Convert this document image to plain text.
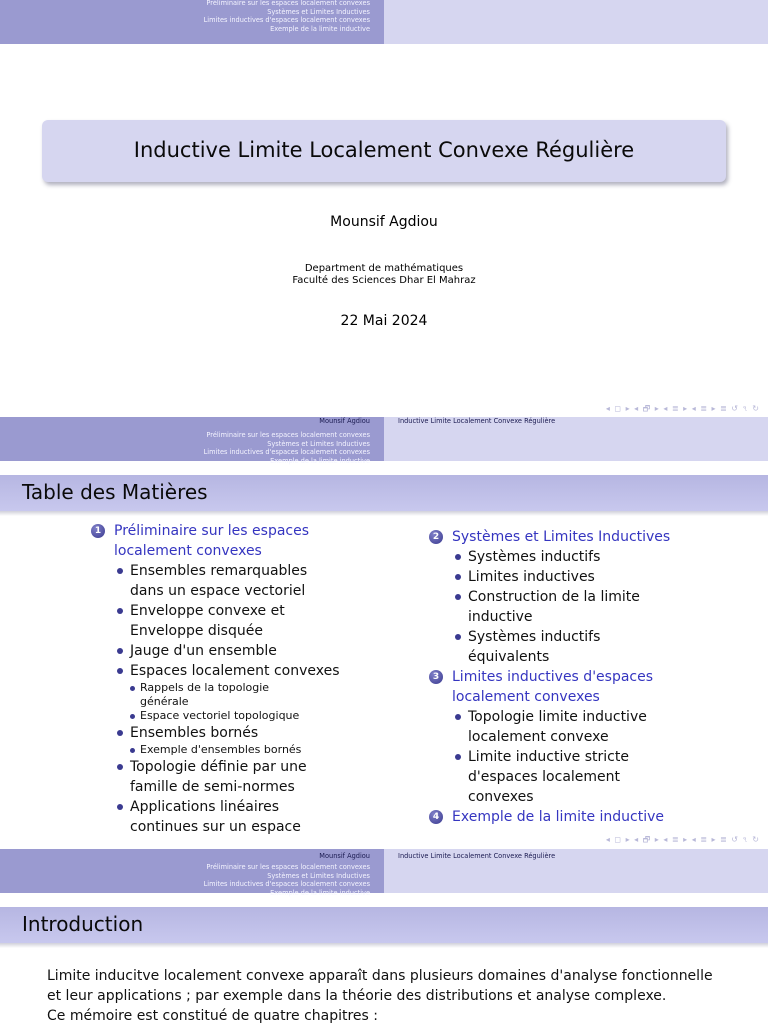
Préliminaire sur les espaces localement convexes
Systèmes et Limites Inductives
Limites inductives d'espaces localement convexes
Exemple de la limite inductive
Inductive Limite Localement Convexe Régulière
Mounsif Agdiou
Department de mathématiques
Faculté des Sciences Dhar El Mahraz
22 Mai 2024
◂ ◻ ▸ ◂ 🗗 ▸ ◂ ≣ ▸ ◂ ≣ ▸ ≣ ↺ ৭ ↻
Mounsif Agdiou
Préliminaire sur les espaces localement convexes
Systèmes et Limites Inductives
Limites inductives d'espaces localement convexes
Exemple de la limite inductive
Inductive Limite Localement Convexe Régulière
Table des Matières
1 Préliminaire sur les espaces
localement convexes
Ensembles remarquables
dans un espace vectoriel
Enveloppe convexe et
Enveloppe disquée
Jauge d'un ensemble
Espaces localement convexes
Rappels de la topologie
générale
Espace vectoriel topologique
Ensembles bornés
Exemple d'ensembles bornés
Topologie définie par une
famille de semi-normes
Applications linéaires
continues sur un espace
2 Systèmes et Limites Inductives
Systèmes inductifs
Limites inductives
Construction de la limite
inductive
Systèmes inductifs
équivalents
3 Limites inductives d'espaces
localement convexes
Topologie limite inductive
localement convexe
Limite inductive stricte
d'espaces localement
convexes
4 Exemple de la limite inductive
◂ ◻ ▸ ◂ 🗗 ▸ ◂ ≣ ▸ ◂ ≣ ▸ ≣ ↺ ৭ ↻
Mounsif Agdiou
Préliminaire sur les espaces localement convexes
Systèmes et Limites Inductives
Limites inductives d'espaces localement convexes
Exemple de la limite inductive
Inductive Limite Localement Convexe Régulière
Introduction
Limite inducitve localement convexe apparaît dans plusieurs domaines d'analyse fonctionnelle
et leur applications ; par exemple dans la théorie des distributions et analyse complexe.
Ce mémoire est constitué de quatre chapitres :
